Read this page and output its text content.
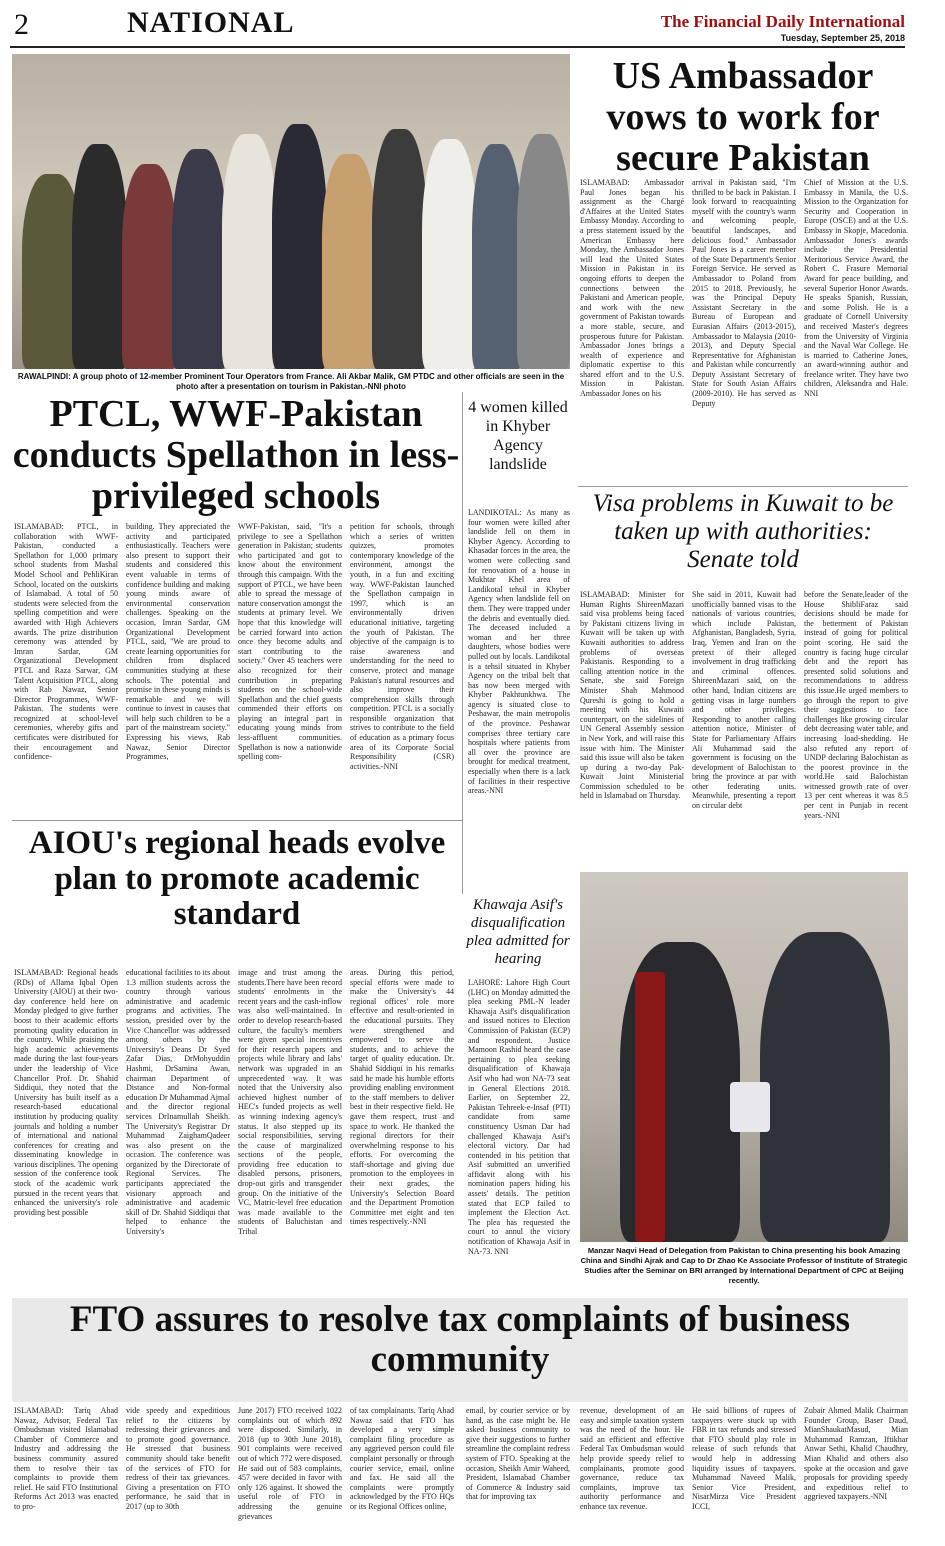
2	NATIONAL	The Financial Daily International
Tuesday, September 25, 2018
RAWALPINDI: A group photo of 12-member Prominent Tour Operators from France. Ali Akbar Malik, GM PTDC and other officials are seen in the photo after a presentation on tourism in Pakistan.-NNI photo
US Ambassador vows to work for secure Pakistan
ISLAMABAD: Ambassador Paul Jones began his assignment as the Chargé d'Affaires at the United States Embassy Monday. According to a press statement issued by the American Embassy here Monday, the Ambassador Jones will lead the United States Mission in Pakistan in its ongoing efforts to deepen the connections between the Pakistani and American people, and work with the new government of Pakistan towards a more stable, secure, and prosperous future for Pakistan. Ambassador Jones brings a wealth of experience and diplomatic expertise to this shared effort and to the U.S. Mission in Pakistan. Ambassador Jones on his
arrival in Pakistan said, "I'm thrilled to be back in Pakistan. I look forward to reacquainting myself with the country's warm and welcoming people, beautiful landscapes, and delicious food." Ambassador Paul Jones is a career member of the State Department's Senior Foreign Service. He served as Ambassador to Poland from 2015 to 2018. Previously, he was the Principal Deputy Assistant Secretary in the Bureau of European and Eurasian Affairs (2013-2015), Ambassador to Malaysia (2010-2013), and Deputy Special Representative for Afghanistan and Pakistan while concurrently Deputy Assistant Secretary of State for South Asian Affairs (2009-2010). He has served as Deputy
Chief of Mission at the U.S. Embassy in Manila, the U.S. Mission to the Organization for Security and Cooperation in Europe (OSCE) and at the U.S. Embassy in Skopje, Macedonia. Ambassador Jones's awards include the Presidential Meritorious Service Award, the Robert C. Frasure Memorial Award for peace building, and several Superior Honor Awards. He speaks Spanish, Russian, and some Polish. He is a graduate of Cornell University and received Master's degrees from the University of Virginia and the Naval War College. He is married to Catherine Jones, an award-winning author and freelance writer. They have two children, Aleksandra and Hale. NNI
PTCL, WWF-Pakistan conducts Spellathon in less-privileged schools
ISLAMABAD: PTCL, in collaboration with WWF-Pakistan, conducted a Spellathon for 1,000 primary school students from Mashal Model School and PehliKiran School, located on the outskirts of Islamabad. A total of 50 students were selected from the spelling competition and were awarded with High Achievers awards. The prize distribution ceremony was attended by Imran Sardar, GM Organizational Development PTCL and Raza Sarwar, GM Talent Acquisition PTCL, along with Rab Nawaz, Senior Director Programmes, WWF-Pakistan. The students were recognized at school-level ceremonies, whereby gifts and certificates were distributed for their encouragement and confidence-
building. They appreciated the activity and participated enthusiastically. Teachers were also present to support their students and considered this event valuable in terms of confidence building and making young minds aware of environmental conservation challenges. Speaking on the occasion, Imran Sardar, GM Organizational Development PTCL, said, "We are proud to create learning opportunities for children from displaced communities studying at these schools. The potential and promise in these young minds is remarkable and we will continue to invest in causes that will help such children to be a part of the mainstream society." Expressing his views, Rab Nawaz, Senior Director Programmes,
WWF-Pakistan, said, "It's a privilege to see a Spellathon generation in Pakistan; students who participated and got to know about the environment through this campaign. With the support of PTCL, we have been able to spread the message of nature conservation amongst the students at primary level. We hope that this knowledge will be carried forward into action once they become adults and start contributing to the society." Over 45 teachers were also recognized for their contribution in preparing students on the school-wide Spellathon and the chief guests commended their efforts on playing an integral part in educating young minds from less-affluent communities. Spellathon is now a nationwide spelling com-
petition for schools, through which a series of written quizzes, promotes contemporary knowledge of the environment, amongst the youth, in a fun and exciting way. WWF-Pakistan launched the Spellathon campaign in 1997, which is an environmentally driven educational initiative, targeting the youth of Pakistan. The objective of the campaign is to raise awareness and understanding for the need to conserve, protect and manage Pakistan's natural resources and also improve their comprehension skills through competition. PTCL is a socially responsible organization that strives to contribute to the field of education as a primary focus area of its Corporate Social Responsibility (CSR) activities.-NNI
4 women killed in Khyber Agency landslide
LANDIKOTAL: As many as four women were killed after landslide fell on them in Khyber Agency. According to Khasadar forces in the area, the women were collecting sand for renovation of a house in Mukhtar Khel area of Landikotal tehsil in Khyber Agency when landslide fell on them. They were trapped under the debris and eventually died. The deceased included a woman and her three daughters, whose bodies were pulled out by locals. Landikotal is a tehsil situated in Khyber Agency on the tribal belt that has now been merged with Khyber Pakhtunkhwa. The agency is situated close to Peshawar, the main metropolis of the province. Peshawar comprises three tertiary care hospitals where patients from all over the province are brought for medical treatment, especially when there is a lack of facilities in their respective areas.-NNI
Visa problems in Kuwait to be taken up with authorities: Senate told
ISLAMABAD: Minister for Human Rights ShireenMazari said visa problems being faced by Pakistani citizens living in Kuwait will be taken up with Kuwaiti authorities to address problems of overseas Pakistanis. Responding to a calling attention notice in the Senate, she said Foreign Minister Shah Mahmood Qureshi is going to hold a meeting with his Kuwaiti counterpart, on the sidelines of UN General Assembly session in New York, and will raise this issue with him. The Minister said this issue will also be taken up during a two-day Pak-Kuwait Joint Ministerial Commission scheduled to be held in Islamabad on Thursday.
She said in 2011, Kuwait had unofficially banned visas to the nationals of various countries, which include Pakistan, Afghanistan, Bangladesh, Syria, Iraq, Yemen and Iran on the pretext of their alleged involvement in drug trafficking and criminal offences. ShireenMazari said, on the other hand, Indian citizens are getting visas in large numbers and other privileges. Responding to another calling attention notice, Minister of State for Parliamentary Affairs Ali Muhammad said the government is focusing on the development of Balochistan to bring the province at par with other federating units. Meanwhile, presenting a report on circular debt
before the Senate,leader of the House ShibliFaraz said decisions should be made for the betterment of Pakistan instead of going for political point scoring. He said the country is facing huge circular debt and the report has presented solid solutions and recommendations to address this issue.He urged members to go through the report to give their suggestions to face challenges like growing circular debt decreasing water table, and increasing load-shedding. He also refuted any report of UNDP declaring Balochistan as the poorest province in the world.He said Balochistan witnessed growth rate of over 13 per cent whereas it was 8.5 per cent in Punjab in recent years.-NNI
AIOU's regional heads evolve plan to promote academic standard
ISLAMABAD: Regional heads (RDs) of Allama Iqbal Open University (AIOU) at their two-day conference held here on Monday pledged to give further boost to their academic efforts promoting quality education in the country. While praising the high academic achievements made during the last four-years under the leadership of Vice Chancellor Prof. Dr. Shahid Siddiqui, they noted that the University has built itself as a research-based educational institution by producing quality journals and holding a number of international and national conferences for creating and disseminating knowledge in various disciplines. The opening session of the conference took stock of the academic work pursued in the recent years that enhanced the university's role providing best possible
educational facilities to its about 1.3 million students across the country through various administrative and academic programs and activities. The session, presided over by the Vice Chancellor was addressed among others by the University's Deans Dr Syed Zafar Dias, DrMohyuddin Hashmi, DrSamina Awan, chairman Department of Distance and Non-formal education Dr Muhammad Ajmal and the director regional services DrInamullah Sheikh. The University's Registrar Dr Muhammad ZaighamQadeer was also present on the occasion. The conference was organized by the Directorate of Regional Services. The participants appreciated the visionary approach and administrative and academic skill of Dr. Shahid Siddiqui that helped to enhance the University's
image and trust among the students.There have been record students' enrolments in the recent years and the cash-inflow was also well-maintained. In order to develop research-based culture, the faculty's members were given special incentives for their research papers and projects while library and labs' network was upgraded in an unprecedented way. It was noted that the University also achieved highest number of HEC's funded projects as well as winning indexing agency's status. It also stepped up its social responsibilities, serving the cause of marginalized sections of the people, providing free education to disabled persons, prisoners, drop-out girls and transgender group. On the initiative of the VC, Matric-level free education was made available to the students of Baluchistan and Tribal
areas. During this period, special efforts were made to make the University's 44 regional offices' role more effective and result-oriented in the educational pursuits. They were strengthened and empowered to serve the students, and to achieve the target of quality education. Dr. Shahid Siddiqui in his remarks said he made his humble efforts providing enabling environment to the staff members to deliver best in their respective field. He gave them respect, trust and space to work. He thanked the regional directors for their overwhelming response to his efforts. For overcoming the staff-shortage and giving due promotion to the employees in their next grades, the University's Selection Board and the Department Promotion Committee met eight and ten times respectively.-NNI
Khawaja Asif's disqualification plea admitted for hearing
LAHORE: Lahore High Court (LHC) on Monday admitted the plea seeking PML-N leader Khawaja Asif's disqualification and issued notices to Election Commission of Pakistan (ECP) and respondent. Justice Mamoon Rashid heard the case pertaining to plea seeking disqualification of Khawaja Asif who had won NA-73 seat in General Elections 2018. Earlier, on September 22, Pakistan Tehreek-e-Insaf (PTI) candidate from same constituency Usman Dar had challenged Khawaja Asif's electoral victory. Dar had contended in his petition that Asif submitted an unverified affidavit along with his nomination papers hiding his assets' details. The petition stated that ECP failed to implement the Election Act. The plea has requested the court to annul the victory notification of Khawaja Asif in NA-73. NNI	Manzar Naqvi Head of Delegation from Pakistan to China presenting his book Amazing China and Sindhi Ajrak and Cap to Dr Zhao Ke Associate Professor of Institute of Strategic Studies after the Seminar on BRI arranged by International Department of CPC at Beijing recently.
FTO assures to resolve tax complaints of business community
ISLAMABAD: Tariq Ahad Nawaz, Advisor, Federal Tax Ombudsman visited Islamabad Chamber of Commerce and Industry and addressing the business community assured them to resolve their tax complaints to provide them relief. He said FTO Institutional Reforms Act 2013 was enacted to pro-
vide speedy and expeditious relief to the citizens by redressing their grievances and to promote good governance. He stressed that business community should take benefit of the services of FTO for redress of their tax grievances. Giving a presentation on FTO performance, he said that in 2017 (up to 30th
June 2017) FTO received 1022 complaints out of which 892 were disposed. Similarly, in 2018 (up to 30th June 2018), 901 complaints were received out of which 772 were disposed. He said out of 583 complaints, 457 were decided in favor with only 126 against. It showed the useful role of FTO in addressing the genuine grievances
of tax complainants. Tariq Ahad Nawaz said that FTO has developed a very simple complaint filing procedure as any aggrieved person could file complaint personally or through courier service, email, online and fax. He said all the complaints were promptly acknowledged by the FTO HQs or its Regional Offices online,
email, by courier service or by hand, as the case might be. He asked business community to give their suggestions to further streamline the complaint redress system of FTO. Speaking at the occasion, Sheikh Amir Waheed, President, Islamabad Chamber of Commerce & Industry said that for improving tax
revenue, development of an easy and simple taxation system was the need of the hour. He said an efficient and effective Federal Tax Ombudsman would help provide speedy relief to complainants, promote good governance, reduce tax complaints, improve tax authority performance and enhance tax revenue.
He said billions of rupees of taxpayers were stuck up with FBR in tax refunds and stressed that FTO should play role in release of such refunds that would help in addressing liquidity issues of taxpayers. Muhammad Naveed Malik, Senior Vice President, NisarMirza Vice President ICCI,
Zubair Ahmed Malik Chairman Founder Group, Baser Daud, MianShaukatMasud, Mian Muhammad Ramzan, Iftikhar Anwar Sethi, Khalid Chaudhry, Mian Khalid and others also spoke at the occasion and gave proposals for providing speedy and expeditious relief to aggrieved taxpayers.-NNI
